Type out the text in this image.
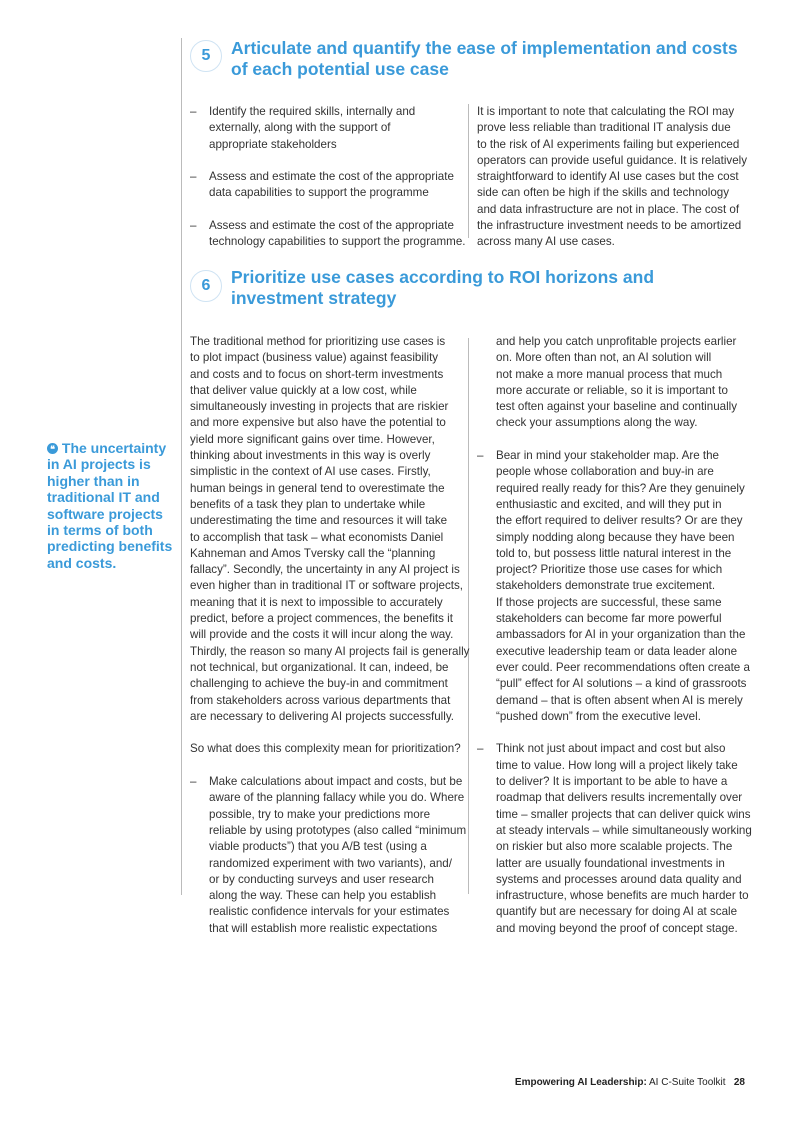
5	Articulate and quantify the ease of implementation and costs
of each potential use case
– Identify the required skills, internally and
externally, along with the support of
appropriate stakeholders
– Assess and estimate the cost of the appropriate
data capabilities to support the programme
– Assess and estimate the cost of the appropriate
technology capabilities to support the programme.
It is important to note that calculating the ROI may
prove less reliable than traditional IT analysis due
to the risk of AI experiments failing but experienced
operators can provide useful guidance. It is relatively
straightforward to identify AI use cases but the cost
side can often be high if the skills and technology
and data infrastructure are not in place. The cost of
the infrastructure investment needs to be amortized
across many AI use cases.
6	Prioritize use cases according to ROI horizons and
investment strategy
The traditional method for prioritizing use cases is
to plot impact (business value) against feasibility
and costs and to focus on short-term investments
that deliver value quickly at a low cost, while
simultaneously investing in projects that are riskier
and more expensive but also have the potential to
yield more significant gains over time. However,
thinking about investments in this way is overly
simplistic in the context of AI use cases. Firstly,
human beings in general tend to overestimate the
benefits of a task they plan to undertake while
underestimating the time and resources it will take
to accomplish that task – what economists Daniel
Kahneman and Amos Tversky call the “planning
fallacy”. Secondly, the uncertainty in any AI project is
even higher than in traditional IT or software projects,
meaning that it is next to impossible to accurately
predict, before a project commences, the benefits it
will provide and the costs it will incur along the way.
Thirdly, the reason so many AI projects fail is generally
not technical, but organizational. It can, indeed, be
challenging to achieve the buy-in and commitment
from stakeholders across various departments that
are necessary to delivering AI projects successfully.
So what does this complexity mean for prioritization?
– Make calculations about impact and costs, but be
aware of the planning fallacy while you do. Where
possible, try to make your predictions more
reliable by using prototypes (also called “minimum
viable products”) that you A/B test (using a
randomized experiment with two variants), and/
or by conducting surveys and user research
along the way. These can help you establish
realistic confidence intervals for your estimates
that will establish more realistic expectations
and help you catch unprofitable projects earlier
on. More often than not, an AI solution will
not make a more manual process that much
more accurate or reliable, so it is important to
test often against your baseline and continually
check your assumptions along the way.
– Bear in mind your stakeholder map. Are the
people whose collaboration and buy-in are
required really ready for this? Are they genuinely
enthusiastic and excited, and will they put in
the effort required to deliver results? Or are they
simply nodding along because they have been
told to, but possess little natural interest in the
project? Prioritize those use cases for which
stakeholders demonstrate true excitement.
If those projects are successful, these same
stakeholders can become far more powerful
ambassadors for AI in your organization than the
executive leadership team or data leader alone
ever could. Peer recommendations often create a
“pull” effect for AI solutions – a kind of grassroots
demand – that is often absent when AI is merely
“pushed down” from the executive level.
– Think not just about impact and cost but also
time to value. How long will a project likely take
to deliver? It is important to be able to have a
roadmap that delivers results incrementally over
time – smaller projects that can deliver quick wins
at steady intervals – while simultaneously working
on riskier but also more scalable projects. The
latter are usually foundational investments in
systems and processes around data quality and
infrastructure, whose benefits are much harder to
quantify but are necessary for doing AI at scale
and moving beyond the proof of concept stage.
❝ The uncertainty
in AI projects is
higher than in
traditional IT and
software projects
in terms of both
predicting benefits
and costs.
Empowering AI Leadership: AI C-Suite Toolkit 28
